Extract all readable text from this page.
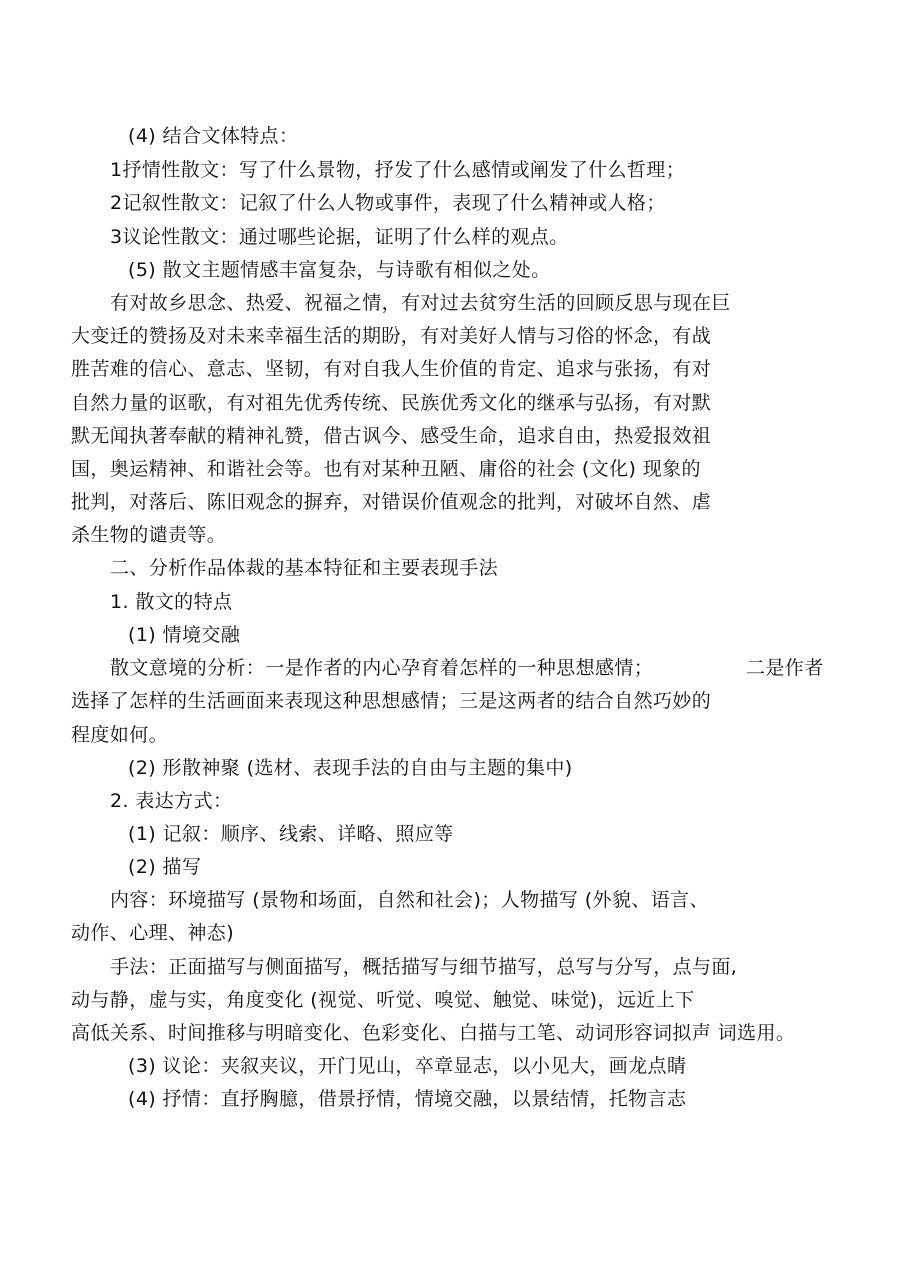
(4) 结合文体特点：
1抒情性散文：写了什么景物，抒发了什么感情或阐发了什么哲理；
2记叙性散文：记叙了什么人物或事件，表现了什么精神或人格；
3议论性散文：通过哪些论据，证明了什么样的观点。
(5) 散文主题情感丰富复杂，与诗歌有相似之处。
有对故乡思念、热爱、祝福之情，有对过去贫穷生活的回顾反思与现在巨
大变迁的赞扬及对未来幸福生活的期盼，有对美好人情与习俗的怀念，有战
胜苦难的信心、意志、坚韧，有对自我人生价值的肯定、追求与张扬，有对
自然力量的讴歌，有对祖先优秀传统、民族优秀文化的继承与弘扬，有对默
默无闻执著奉献的精神礼赞，借古讽今、感受生命，追求自由，热爱报效祖
国，奥运精神、和谐社会等。也有对某种丑陋、庸俗的社会 (文化) 现象的
批判，对落后、陈旧观念的摒弃，对错误价值观念的批判，对破坏自然、虐
杀生物的谴责等。
二、分析作品体裁的基本特征和主要表现手法
1. 散文的特点
(1) 情境交融
散文意境的分析：一是作者的内心孕育着怎样的一种思想感情；	二是作者
选择了怎样的生活画面来表现这种思想感情；三是这两者的结合自然巧妙的
程度如何。
(2) 形散神聚 (选材、表现手法的自由与主题的集中)
2. 表达方式：
(1) 记叙：顺序、线索、详略、照应等
(2) 描写
内容：环境描写 (景物和场面，自然和社会)；人物描写 (外貌、语言、
动作、心理、神态)
手法：正面描写与侧面描写，概括描写与细节描写，总写与分写，点与面,
动与静，虚与实，角度变化 (视觉、听觉、嗅觉、触觉、味觉)，远近上下
高低关系、时间推移与明暗变化、色彩变化、白描与工笔、动词形容词拟声 词选用。
(3) 议论：夹叙夹议，开门见山，卒章显志，以小见大，画龙点睛
(4) 抒情：直抒胸臆，借景抒情，情境交融，以景结情，托物言志
